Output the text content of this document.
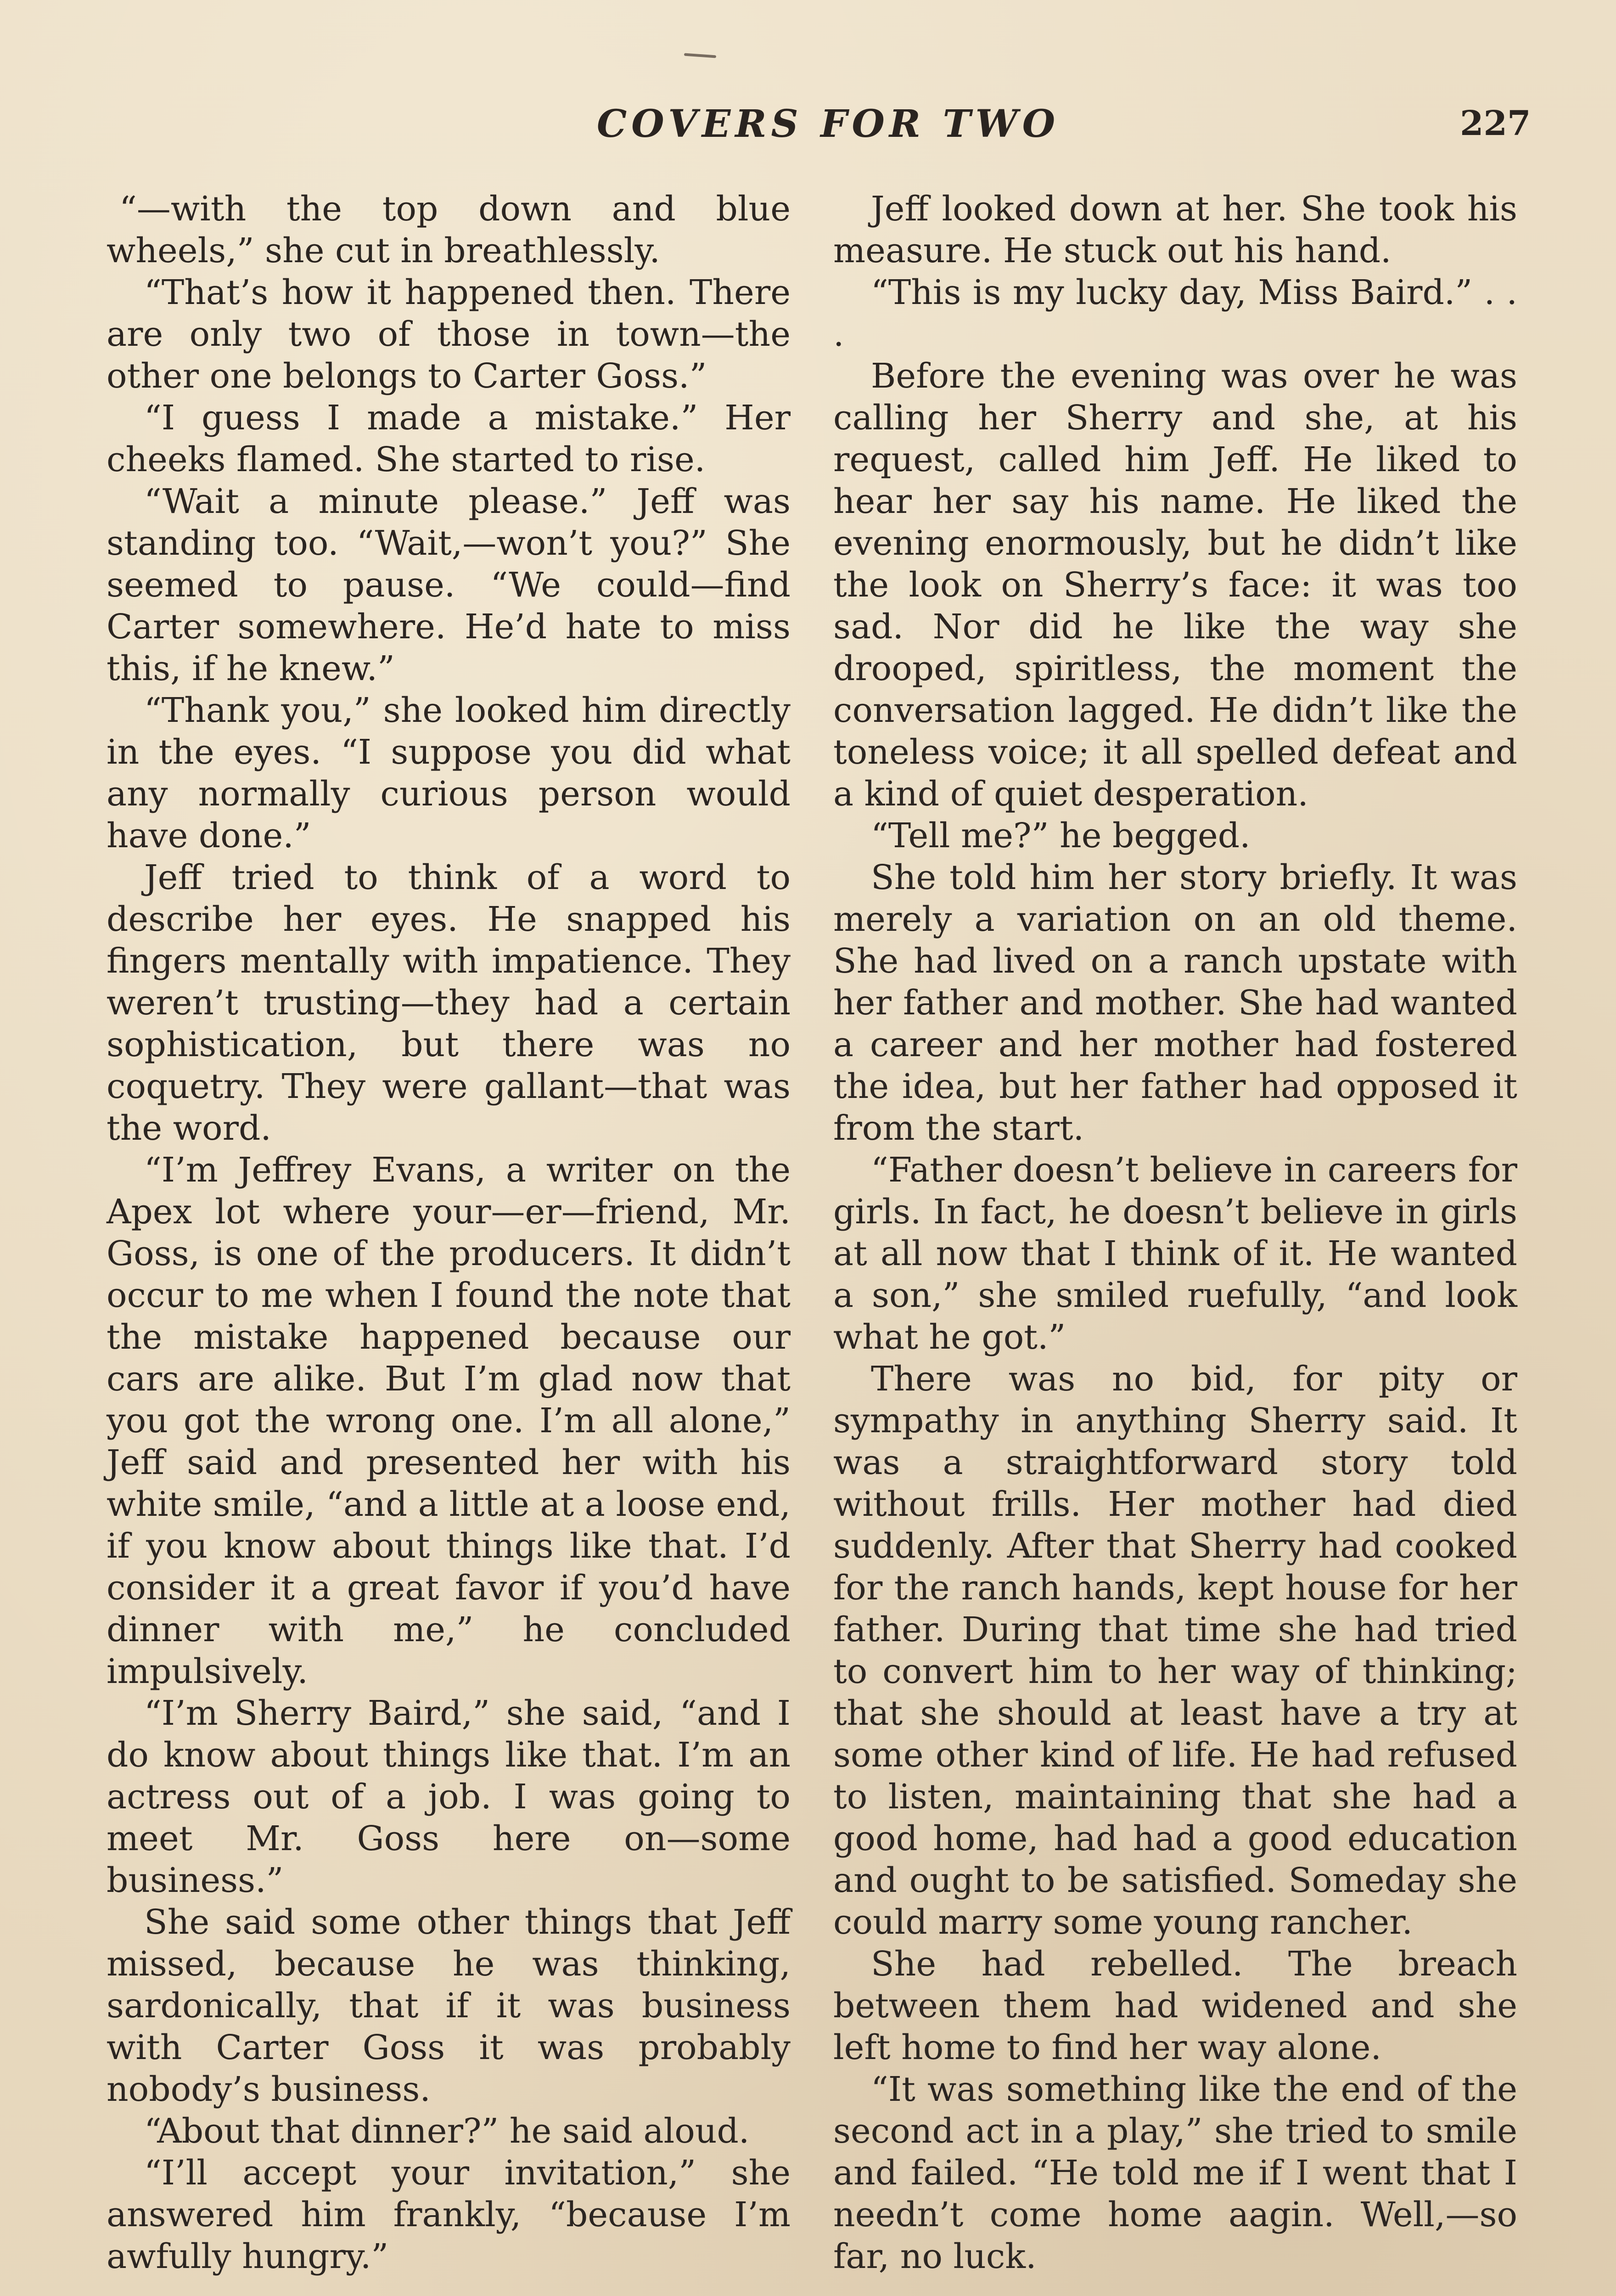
COVERS FOR TWO	227

“—with the top down and blue wheels,” she cut in breathlessly.

“That’s how it happened then. There are only two of those in town—the other one belongs to Carter Goss.”

“I guess I made a mistake.” Her cheeks flamed. She started to rise.

“Wait a minute please.” Jeff was standing too. “Wait,—won’t you?” She seemed to pause. “We could—find Carter somewhere. He’d hate to miss this, if he knew.”

“Thank you,” she looked him directly in the eyes. “I suppose you did what any normally curious person would have done.”

Jeff tried to think of a word to describe her eyes. He snapped his fingers mentally with impatience. They weren’t trusting—they had a certain sophistication, but there was no coquetry. They were gallant—that was the word.

“I’m Jeffrey Evans, a writer on the Apex lot where your—er—friend, Mr. Goss, is one of the producers. It didn’t occur to me when I found the note that the mistake happened because our cars are alike. But I’m glad now that you got the wrong one. I’m all alone,” Jeff said and presented her with his white smile, “and a little at a loose end, if you know about things like that. I’d consider it a great favor if you’d have dinner with me,” he concluded impulsively.

“I’m Sherry Baird,” she said, “and I do know about things like that. I’m an actress out of a job. I was going to meet Mr. Goss here on—some business.”

She said some other things that Jeff missed, because he was thinking, sardonically, that if it was business with Carter Goss it was probably nobody’s business.

“About that dinner?” he said aloud.

“I’ll accept your invitation,” she answered him frankly, “because I’m awfully hungry.”

Jeff looked down at her. She took his measure. He stuck out his hand.

“This is my lucky day, Miss Baird.” . . .

Before the evening was over he was calling her Sherry and she, at his request, called him Jeff. He liked to hear her say his name. He liked the evening enormously, but he didn’t like the look on Sherry’s face: it was too sad. Nor did he like the way she drooped, spiritless, the moment the conversation lagged. He didn’t like the toneless voice; it all spelled defeat and a kind of quiet desperation.

“Tell me?” he begged.

She told him her story briefly. It was merely a variation on an old theme. She had lived on a ranch upstate with her father and mother. She had wanted a career and her mother had fostered the idea, but her father had opposed it from the start.

“Father doesn’t believe in careers for girls. In fact, he doesn’t believe in girls at all now that I think of it. He wanted a son,” she smiled ruefully, “and look what he got.”

There was no bid, for pity or sympathy in anything Sherry said. It was a straightforward story told without frills. Her mother had died suddenly. After that Sherry had cooked for the ranch hands, kept house for her father. During that time she had tried to convert him to her way of thinking; that she should at least have a try at some other kind of life. He had refused to listen, maintaining that she had a good home, had had a good education and ought to be satisfied. Someday she could marry some young rancher.

She had rebelled. The breach between them had widened and she left home to find her way alone.

“It was something like the end of the second act in a play,” she tried to smile and failed. “He told me if I went that I needn’t come home aagin. Well,—so far, no luck.
